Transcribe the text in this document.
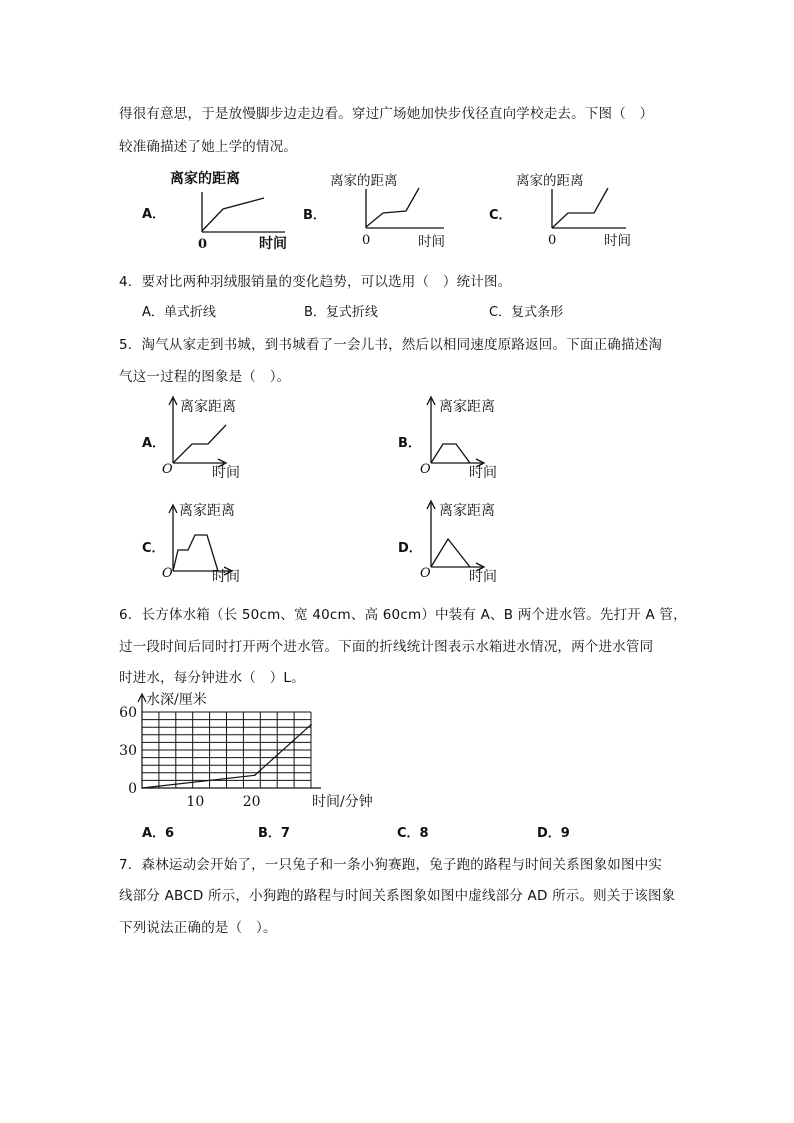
得很有意思，于是放慢脚步边走边看。穿过广场她加快步伐径直向学校走去。下图（　）
较准确描述了她上学的情况。
A．
离家的距离
0	时间
B．
离家的距离
0	时间
C．
离家的距离
0	时间
4．要对比两种羽绒服销量的变化趋势，可以选用（　）统计图。
A．单式折线	B．复式折线	C．复式条形
5．淘气从家走到书城，到书城看了一会儿书，然后以相同速度原路返回。下面正确描述淘
气这一过程的图象是（　）。
A．
离家距离
O	时间
B．
离家距离
O	时间
C．
离家距离
O	时间
D．
离家距离
O	时间
6．长方体水箱（长 50cm、宽 40cm、高 60cm）中装有 A、B 两个进水管。先打开 A 管，
过一段时间后同时打开两个进水管。下面的折线统计图表示水箱进水情况，两个进水管同
时进水，每分钟进水（　）L。
0
30
60
10	20
水深/厘米
时间/分钟
A．6	B．7	C．8	D．9
7．森林运动会开始了，一只兔子和一条小狗赛跑，兔子跑的路程与时间关系图象如图中实
线部分 ABCD 所示，小狗跑的路程与时间关系图象如图中虚线部分 AD 所示。则关于该图象
下列说法正确的是（　）。
